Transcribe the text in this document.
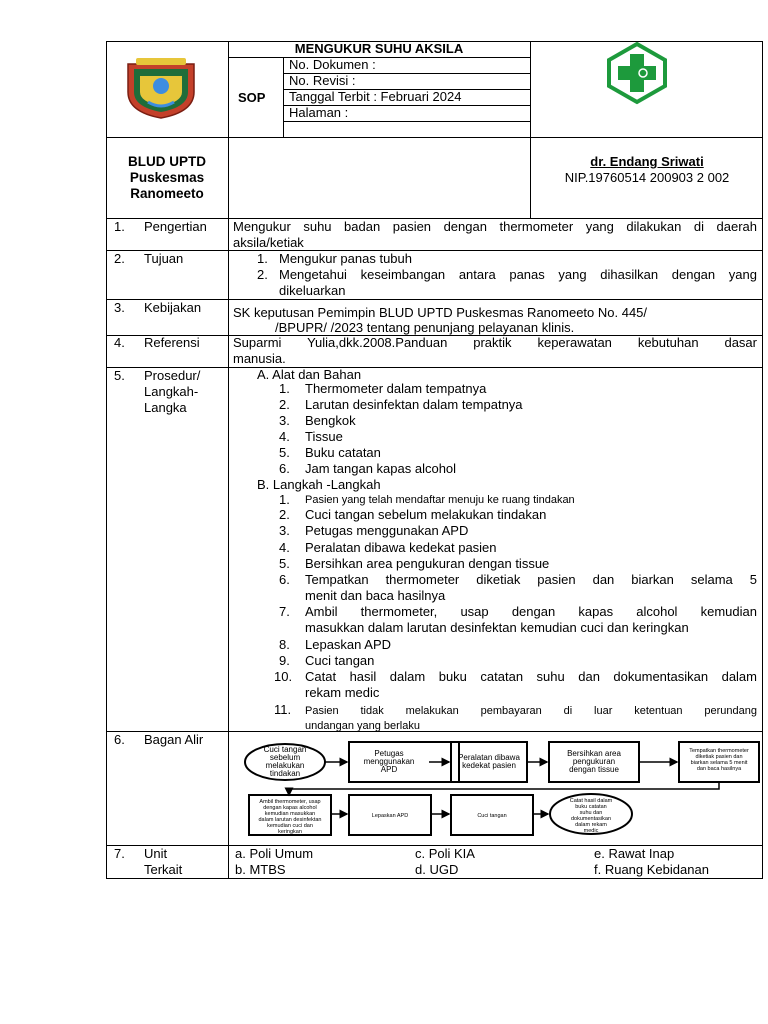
MENGUKUR SUHU AKSILA
SOP
No. Dokumen :
No. Revisi :
Tanggal Terbit : Februari 2024
Halaman :
BLUD UPTD
Puskesmas
Ranomeeto
dr. Endang Sriwati
NIP.19760514 200903 2 002
1. Pengertian Mengukur suhu badan pasien dengan thermometer yang dilakukan di daerah
aksila/ketiak
2. Tujuan	1. Mengukur panas tubuh
2. Mengetahui keseimbangan antara panas yang dihasilkan dengan yang
dikeluarkan
3. Kebijakan SK keputusan Pemimpin BLUD UPTD Puskesmas Ranomeeto No. 445/
/BPUPR/ /2023 tentang penunjang pelayanan klinis.
4. Referensi	Suparmi Yulia,dkk.2008.Panduan praktik keperawatan kebutuhan dasar
manusia.
5. Prosedur/
Langkah-
Langka
A. Alat dan Bahan
1. Thermometer dalam tempatnya
2. Larutan desinfektan dalam tempatnya
3. Bengkok
4. Tissue
5. Buku catatan
6. Jam tangan kapas alcohol
B. Langkah -Langkah
1. Pasien yang telah mendaftar menuju ke ruang tindakan
2. Cuci tangan sebelum melakukan tindakan
3. Petugas menggunakan APD
4. Peralatan dibawa kedekat pasien
5. Bersihkan area pengukuran dengan tissue
6. Tempatkan thermometer diketiak pasien dan biarkan selama 5
menit dan baca hasilnya
7. Ambil thermometer, usap dengan kapas alcohol kemudian
masukkan dalam larutan desinfektan kemudian cuci dan keringkan
8. Lepaskan APD
9. Cuci tangan
10. Catat hasil dalam buku catatan suhu dan dokumentasikan dalam
rekam medic
11. Pasien tidak melakukan pembayaran di luar ketentuan perundang
undangan yang berlaku
6. Bagan Alir
Cuci tangan
sebelum
melakukan
tindakan
Petugas
menggunakan
APD
Peralatan dibawa
kedekat pasien
Bersihkan area
pengukuran
dengan tissue
Tempatkan thermometer
diketiak pasien dan
biarkan selama 5 menit
dan baca hasilnya
Ambil thermometer, usap
dengan kapas alcohol
kemudian masukkan
dalam larutan desinfektan
kemudian cuci dan
keringkan
Lepaskan APD	Cuci tangan
Catat hasil dalam
buku catatan
suhu dan
dokumentasikan
dalam rekam
medic
7. Unit
Terkait
a. Poli Umum	c. Poli KIA	e. Rawat Inap
b. MTBS	d. UGD	f. Ruang Kebidanan
